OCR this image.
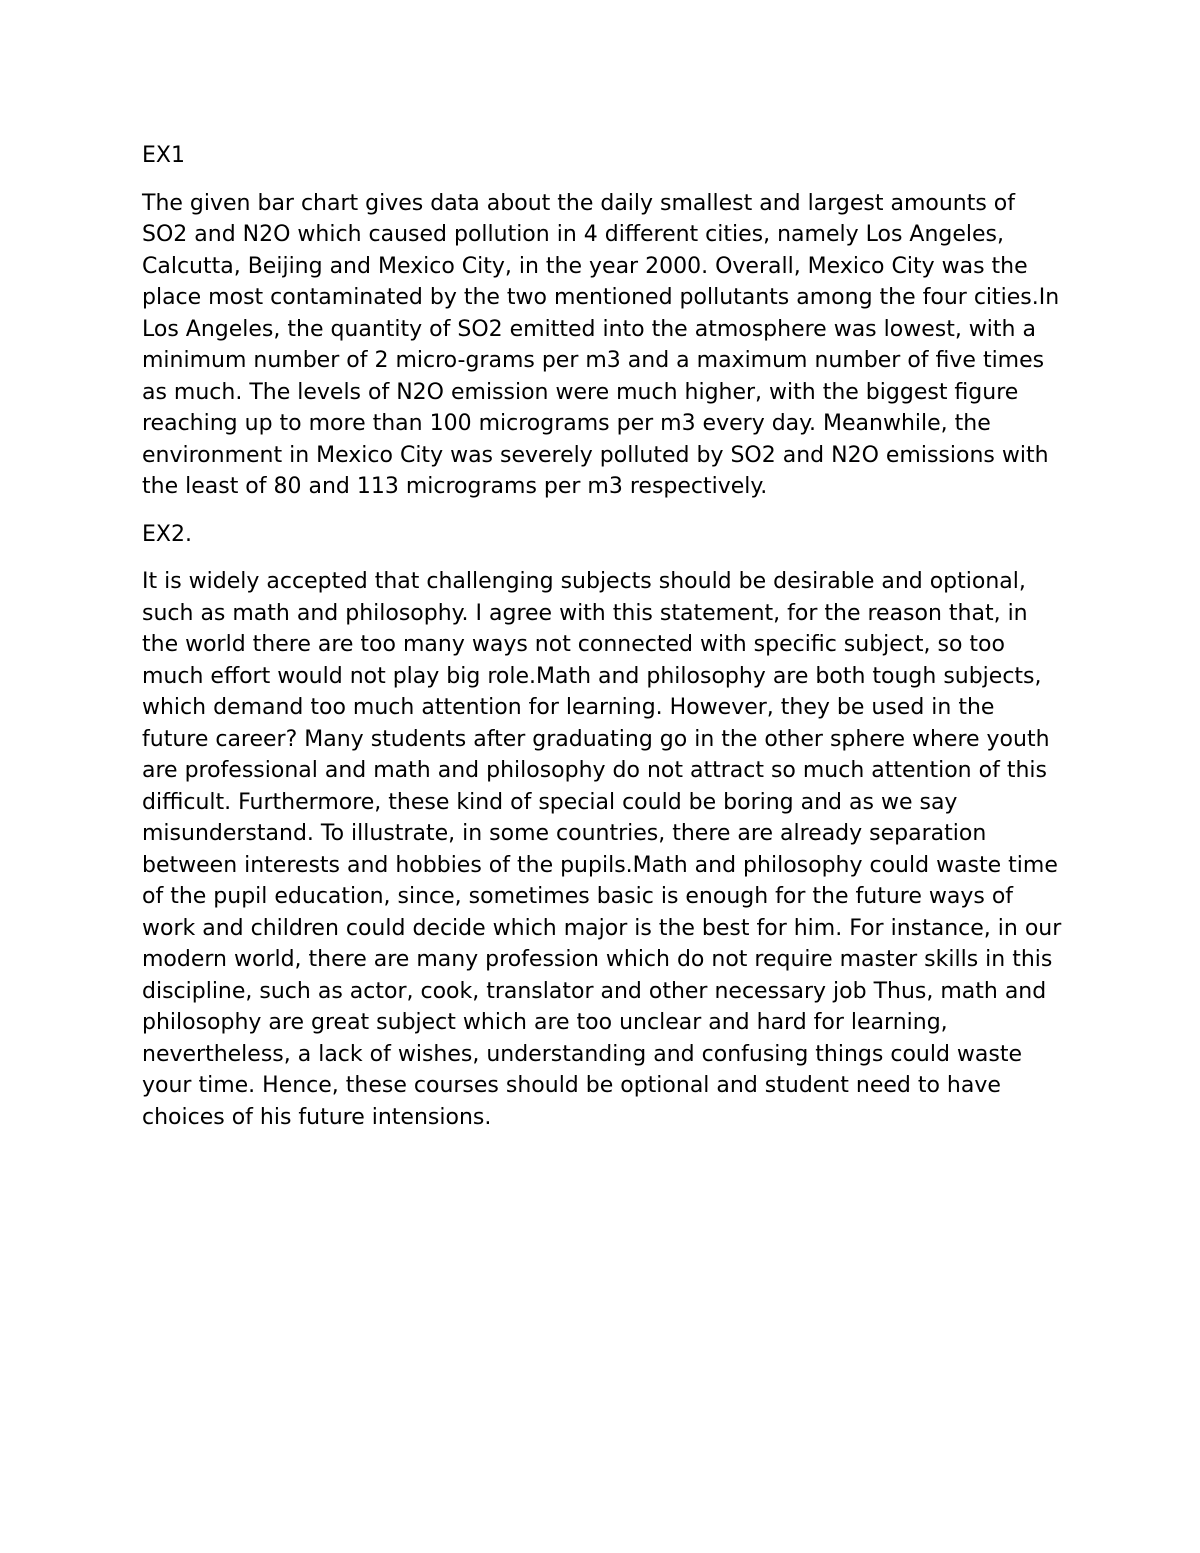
EX1
The given bar chart gives data about the daily smallest and largest amounts of SO2 and N2O which caused pollution in 4 different cities, namely Los Angeles, Calcutta, Beijing and Mexico City, in the year 2000. Overall, Mexico City was the place most contaminated by the two mentioned pollutants among the four cities.In Los Angeles, the quantity of SO2 emitted into the atmosphere was lowest, with a minimum number of 2 micro-grams per m3 and a maximum number of five times as much. The levels of N2O emission were much higher, with the biggest figure reaching up to more than 100 micrograms per m3 every day. Meanwhile, the environment in Mexico City was severely polluted by SO2 and N2O emissions with the least of 80 and 113 micrograms per m3 respectively.
EX2.
It is widely accepted that challenging subjects should be desirable and optional, such as math and philosophy. I agree with this statement, for the reason that, in the world there are too many ways not connected with specific subject, so too much effort would not play big role.Math and philosophy are both tough subjects, which demand too much attention for learning. However, they be used in the future career? Many students after graduating go in the other sphere where youth are professional and math and philosophy do not attract so much attention of this difficult. Furthermore, these kind of special could be boring and as we say misunderstand. To illustrate, in some countries, there are already separation between interests and hobbies of the pupils.Math and philosophy could waste time of the pupil education, since, sometimes basic is enough for the future ways of work and children could decide which major is the best for him. For instance, in our modern world, there are many profession which do not require master skills in this discipline, such as actor, cook, translator and other necessary job Thus, math and philosophy are great subject which are too unclear and hard for learning, nevertheless, a lack of wishes, understanding and confusing things could waste your time. Hence, these courses should be optional and student need to have choices of his future intensions.
